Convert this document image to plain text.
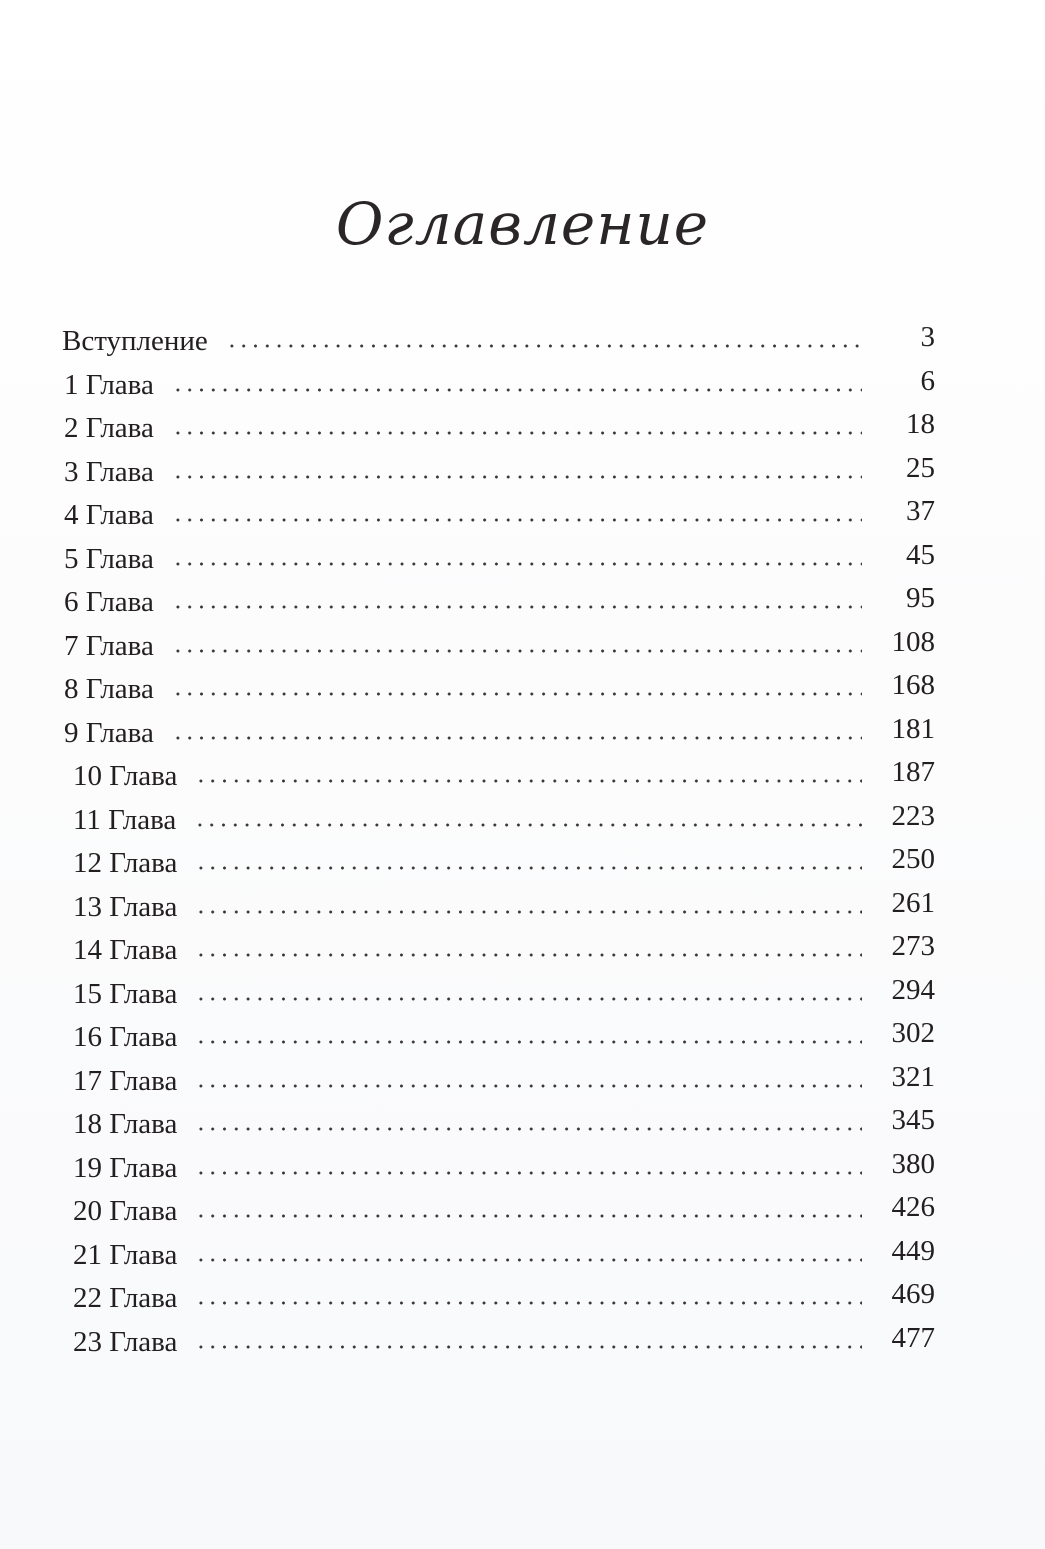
Оглавление
Вступление	3
1 Глава	6
2 Глава	18
3 Глава	25
4 Глава	37
5 Глава	45
6 Глава	95
7 Глава	108
8 Глава	168
9 Глава	181
10 Глава	187
11 Глава	223
12 Глава	250
13 Глава	261
14 Глава	273
15 Глава	294
16 Глава	302
17 Глава	321
18 Глава	345
19 Глава	380
20 Глава	426
21 Глава	449
22 Глава	469
23 Глава	477
